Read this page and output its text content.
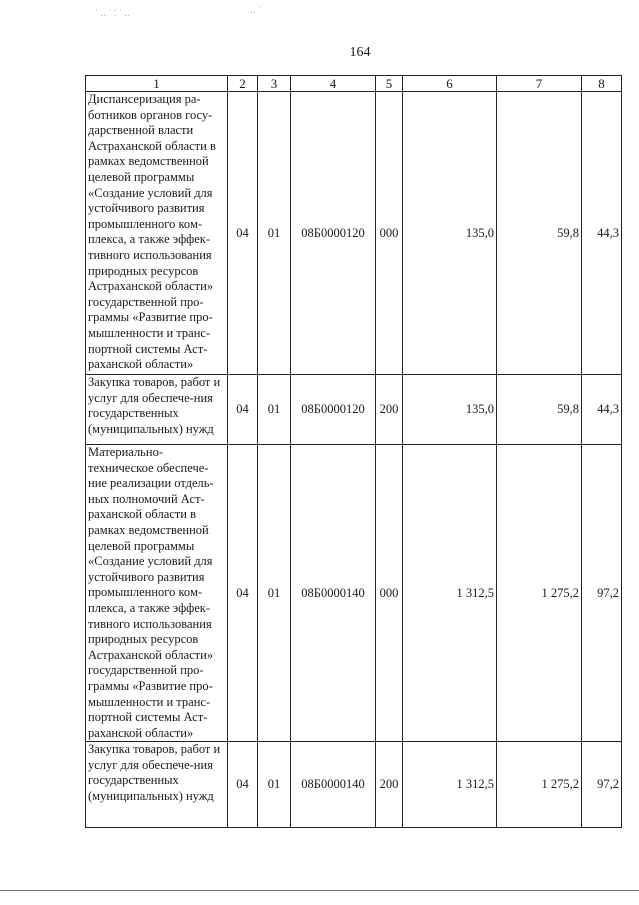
˙ ‥ ˙ ⁚ ˙ ‥	‥ ˙
164
1	2	3	4	5	6	7	8
Диспансеризация ра-ботников органов госу-дарственной власти Астраханской области в рамках ведомственной целевой программы «Создание условий для устойчивого развития промышленного ком-плекса, а также эффек-тивного использования природных ресурсов Астраханской области» государственной про-граммы «Развитие про-мышленности и транс-портной системы Аст-раханской области»	04	01	08Б0000120	000	135,0	59,8	44,3
Закупка товаров, работ и услуг для обеспече-ния государственных (муниципальных) нужд	04	01	08Б0000120	200	135,0	59,8	44,3
Материально-техническое обеспече-ние реализации отдель-ных полномочий Аст-раханской области в рамках ведомственной целевой программы «Создание условий для устойчивого развития промышленного ком-плекса, а также эффек-тивного использования природных ресурсов Астраханской области» государственной про-граммы «Развитие про-мышленности и транс-портной системы Аст-раханской области»	04	01	08Б0000140	000	1 312,5	1 275,2	97,2
Закупка товаров, работ и услуг для обеспече-ния государственных (муниципальных) нужд	04	01	08Б0000140	200	1 312,5	1 275,2	97,2
